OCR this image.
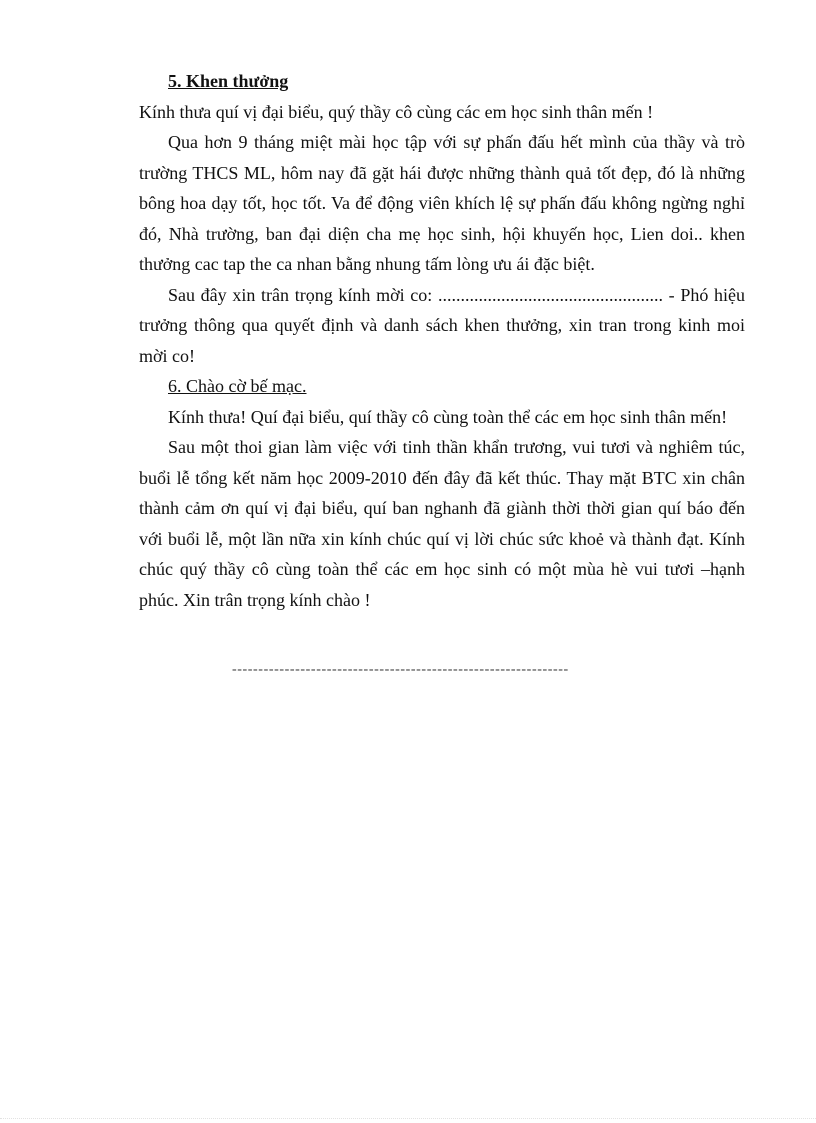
5. Khen thưởng

Kính thưa quí vị đại biểu, quý thầy cô cùng các em học sinh thân mến !

Qua hơn 9 tháng miệt mài học tập với sự phấn đấu hết mình của thầy và trò trường THCS ML, hôm nay đã gặt hái được những thành quả tốt đẹp, đó là những bông hoa dạy tốt, học tốt. Va để động viên khích lệ sự phấn đấu không ngừng nghỉ đó, Nhà trường, ban đại diện cha mẹ học sinh, hội khuyến học, Lien doi.. khen thưởng cac tap the ca nhan bằng nhung tấm lòng ưu ái đặc biệt.

Sau đây xin trân trọng kính mời co: .................................................. - Phó hiệu trưởng thông qua quyết định và danh sách khen thưởng, xin tran trong kinh moi mời co!

6. Chào cờ bế mạc.

Kính thưa! Quí đại biểu, quí thầy cô cùng toàn thể các em học sinh thân mến!

Sau một thoi gian làm việc với tinh thần khẩn trương, vui tươi và nghiêm túc, buổi lễ tổng kết năm học 2009-2010 đến đây đã kết thúc. Thay mặt BTC xin chân thành cảm ơn quí vị đại biểu, quí ban nghanh đã giành thời thời gian quí báo đến với buổi lễ, một lần nữa xin kính chúc quí vị lời chúc sức khoẻ và thành đạt. Kính chúc quý thầy cô cùng toàn thể các em học sinh có một mùa hè vui tươi –hạnh phúc. Xin trân trọng kính chào !

----------------------------------------------------------------
